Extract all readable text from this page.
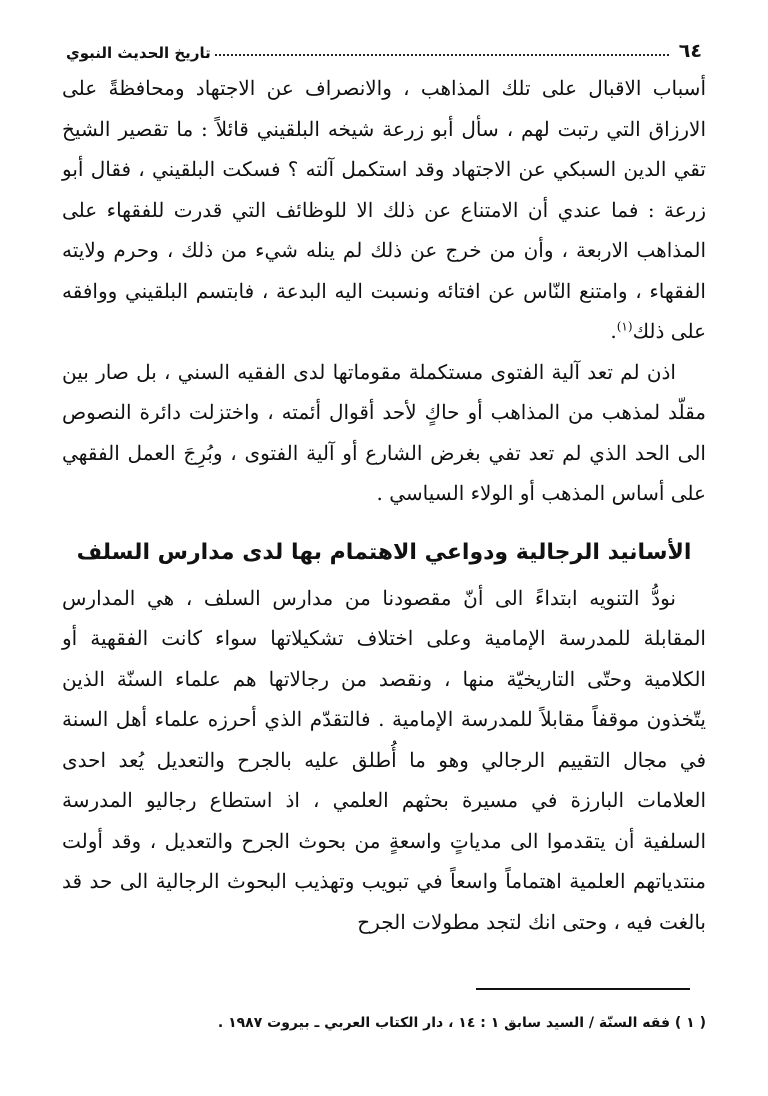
٦٤
تاريخ الحديث النبوي

أسباب الاقبال على تلك المذاهب ، والانصراف عن الاجتهاد ومحافظةً على الارزاق التي رتبت لهم ، سأل أبو زرعة شيخه البلقيني قائلاً : ما تقصير الشيخ تقي الدين السبكي عن الاجتهاد وقد استكمل آلته ؟ فسكت البلقيني ، فقال أبو زرعة : فما عندي أن الامتناع عن ذلك الا للوظائف التي قدرت للفقهاء على المذاهب الاربعة ، وأن من خرج عن ذلك لم ينله شيء من ذلك ، وحرم ولايته الفقهاء ، وامتنع النّاس عن افتائه ونسبت اليه البدعة ، فابتسم البلقيني ووافقه على ذلك$^{(١)}$.

اذن لم تعد آلية الفتوى مستكملة مقوماتها لدى الفقيه السني ، بل صار بين مقلّد لمذهب من المذاهب أو حاكٍ لأحد أقوال أئمته ، واختزلت دائرة النصوص الى الحد الذي لم تعد تفي بغرض الشارع أو آلية الفتوى ، وبُرِجَ العمل الفقهي على أساس المذهب أو الولاء السياسي .

الأسانيد الرجالية ودواعي الاهتمام بها لدى مدارس السلف

نودُّ التنويه ابتداءً الى أنّ مقصودنا من مدارس السلف ، هي المدارس المقابلة للمدرسة الإمامية وعلى اختلاف تشكيلاتها سواء كانت الفقهية أو الكلامية وحتّى التاريخيّة منها ، ونقصد من رجالاتها هم علماء السنّة الذين يتّخذون موقفاً مقابلاً للمدرسة الإمامية . فالتقدّم الذي أحرزه علماء أهل السنة في مجال التقييم الرجالي وهو ما أُطلق عليه بالجرح والتعديل يُعد احدى العلامات البارزة في مسيرة بحثهم العلمي ، اذ استطاع رجاليو المدرسة السلفية أن يتقدموا الى مدياتٍ واسعةٍ من بحوث الجرح والتعديل ، وقد أولت منتدياتهم العلمية اهتماماً واسعاً في تبويب وتهذيب البحوث الرجالية الى حد قد بالغت فيه ، وحتى انك لتجد مطولات الجرح

( ١ ) فقه السنّة / السيد سابق ١ : ١٤ ، دار الكتاب العربي ـ بيروت ١٩٨٧ .
